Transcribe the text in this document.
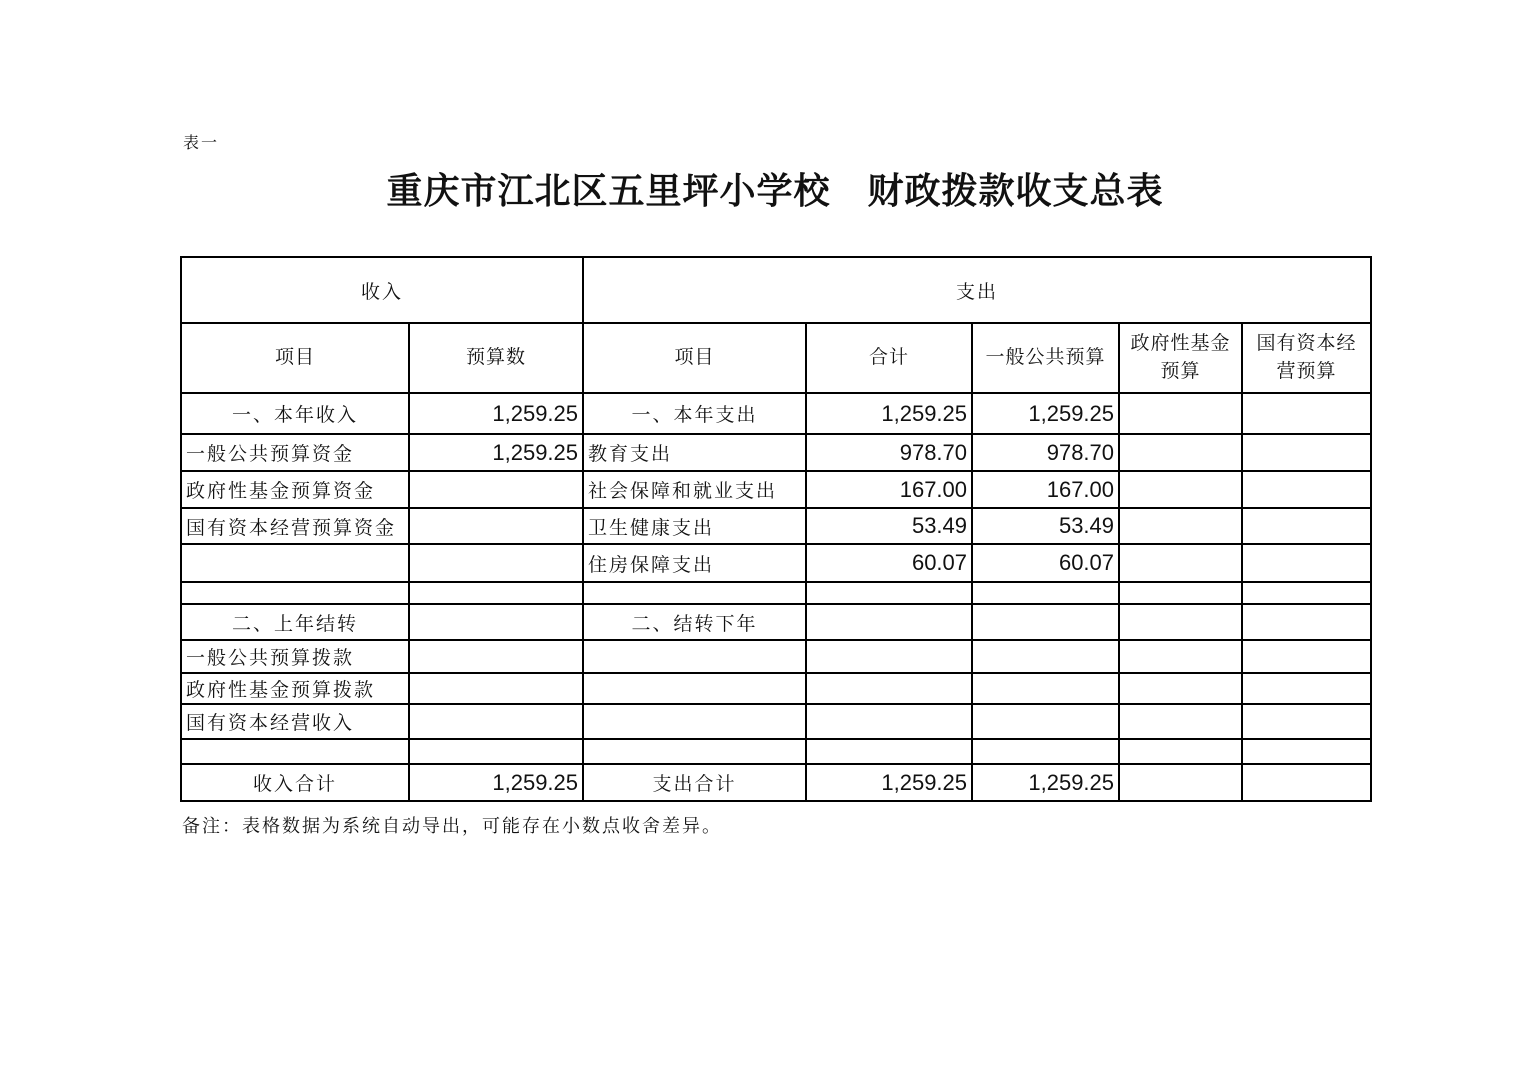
表一
重庆市江北区五里坪小学校　财政拨款收支总表
收入		支出				
项目	预算数	项目	合计	一般公共预算	政府性基金预算	国有资本经营预算
一、本年收入	1,259.25	一、本年支出	1,259.25	1,259.25		
一般公共预算资金	1,259.25	教育支出	978.70	978.70		
政府性基金预算资金		社会保障和就业支出	167.00	167.00		
国有资本经营预算资金		卫生健康支出	53.49	53.49		
		住房保障支出	60.07	60.07		

二、上年结转		二、结转下年				
一般公共预算拨款						
政府性基金预算拨款						
国有资本经营收入						

收入合计	1,259.25	支出合计	1,259.25	1,259.25		
备注：表格数据为系统自动导出，可能存在小数点收舍差异。
